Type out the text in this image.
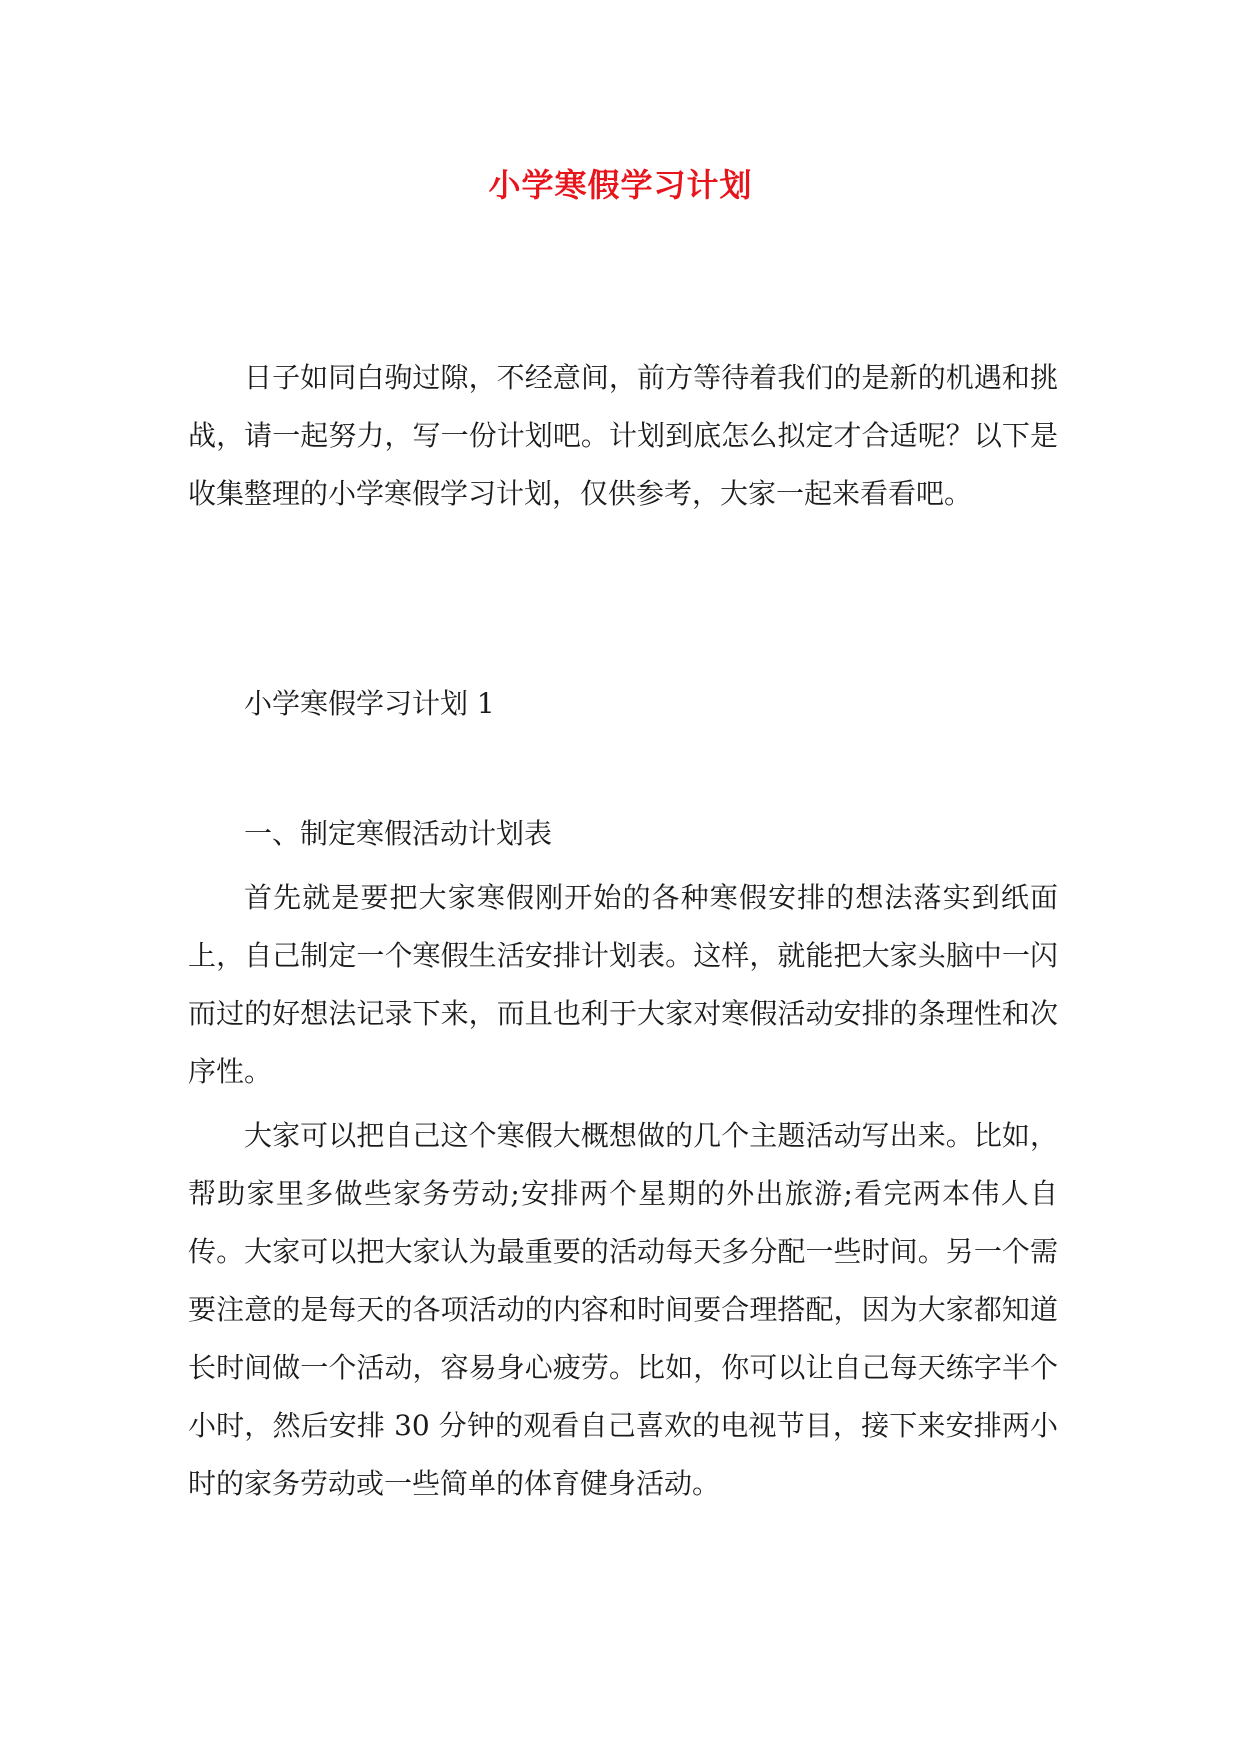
小学寒假学习计划

日子如同白驹过隙，不经意间，前方等待着我们的是新的机遇和挑战，请一起努力，写一份计划吧。计划到底怎么拟定才合适呢？以下是收集整理的小学寒假学习计划，仅供参考，大家一起来看看吧。

小学寒假学习计划 1

一、制定寒假活动计划表

首先就是要把大家寒假刚开始的各种寒假安排的想法落实到纸面上，自己制定一个寒假生活安排计划表。这样，就能把大家头脑中一闪而过的好想法记录下来，而且也利于大家对寒假活动安排的条理性和次序性。

大家可以把自己这个寒假大概想做的几个主题活动写出来。比如，帮助家里多做些家务劳动;安排两个星期的外出旅游;看完两本伟人自传。大家可以把大家认为最重要的活动每天多分配一些时间。另一个需要注意的是每天的各项活动的内容和时间要合理搭配，因为大家都知道长时间做一个活动，容易身心疲劳。比如，你可以让自己每天练字半个小时，然后安排 30 分钟的观看自己喜欢的电视节目，接下来安排两小时的家务劳动或一些简单的体育健身活动。
